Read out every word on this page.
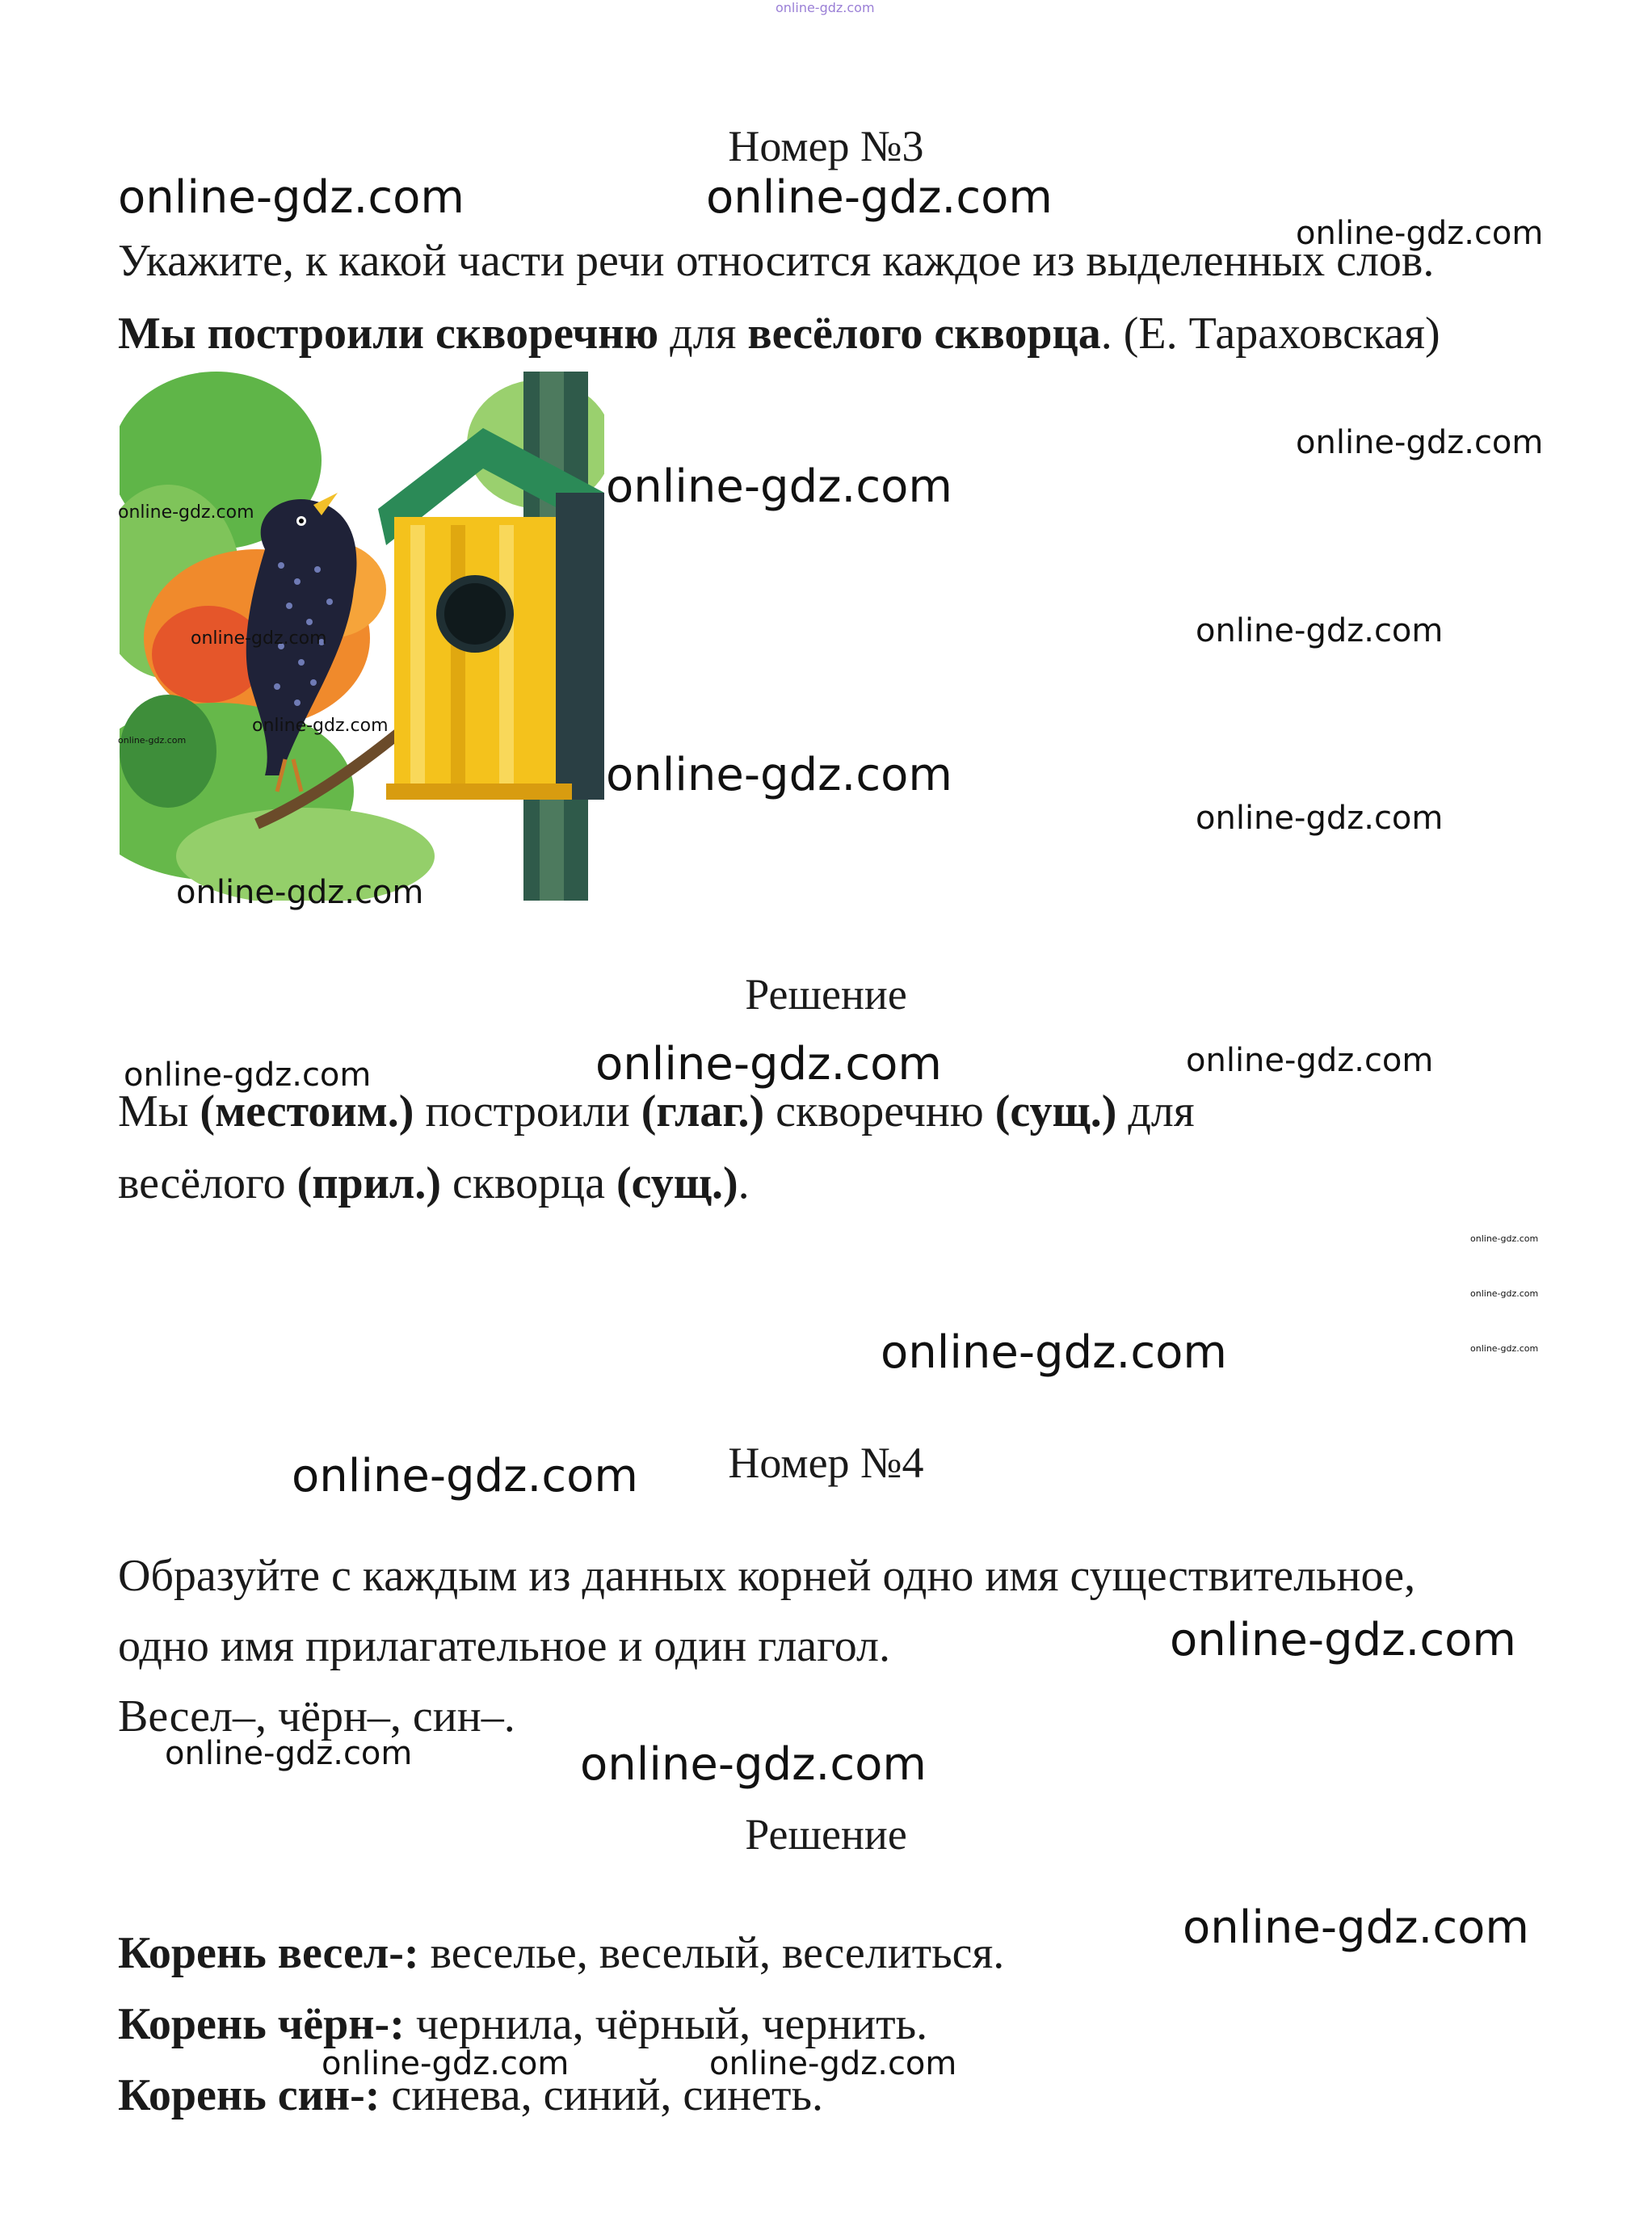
online-gdz.com
Номер №3
Укажите, к какой части речи относится каждое из выделенных слов.
Мы построили скворечню для весёлого скворца. (Е. Тараховская)
Решение
Мы (местоим.) построили (глаг.) скворечню (сущ.) для
весёлого (прил.) скворца (сущ.).
Номер №4
Образуйте с каждым из данных корней одно имя существительное,
одно имя прилагательное и один глагол.
Весел–, чёрн–, син–.
Решение
Корень весел-: веселье, веселый, веселиться.
Корень чёрн-: чернила, чёрный, чернить.
Корень син-: синева, синий, синеть.
online-gdz.com	online-gdz.com
online-gdz.com
online-gdz.com
online-gdz.com
online-gdz.com
online-gdz.com
online-gdz.com
online-gdz.com
online-gdz.com
online-gdz.com
online-gdz.com
online-gdz.com
online-gdz.com	online-gdz.com	online-gdz.com
online-gdz.com
online-gdz.com
online-gdz.com
online-gdz.com
online-gdz.com
online-gdz.com
online-gdz.com	online-gdz.com
online-gdz.com
online-gdz.com	online-gdz.com
